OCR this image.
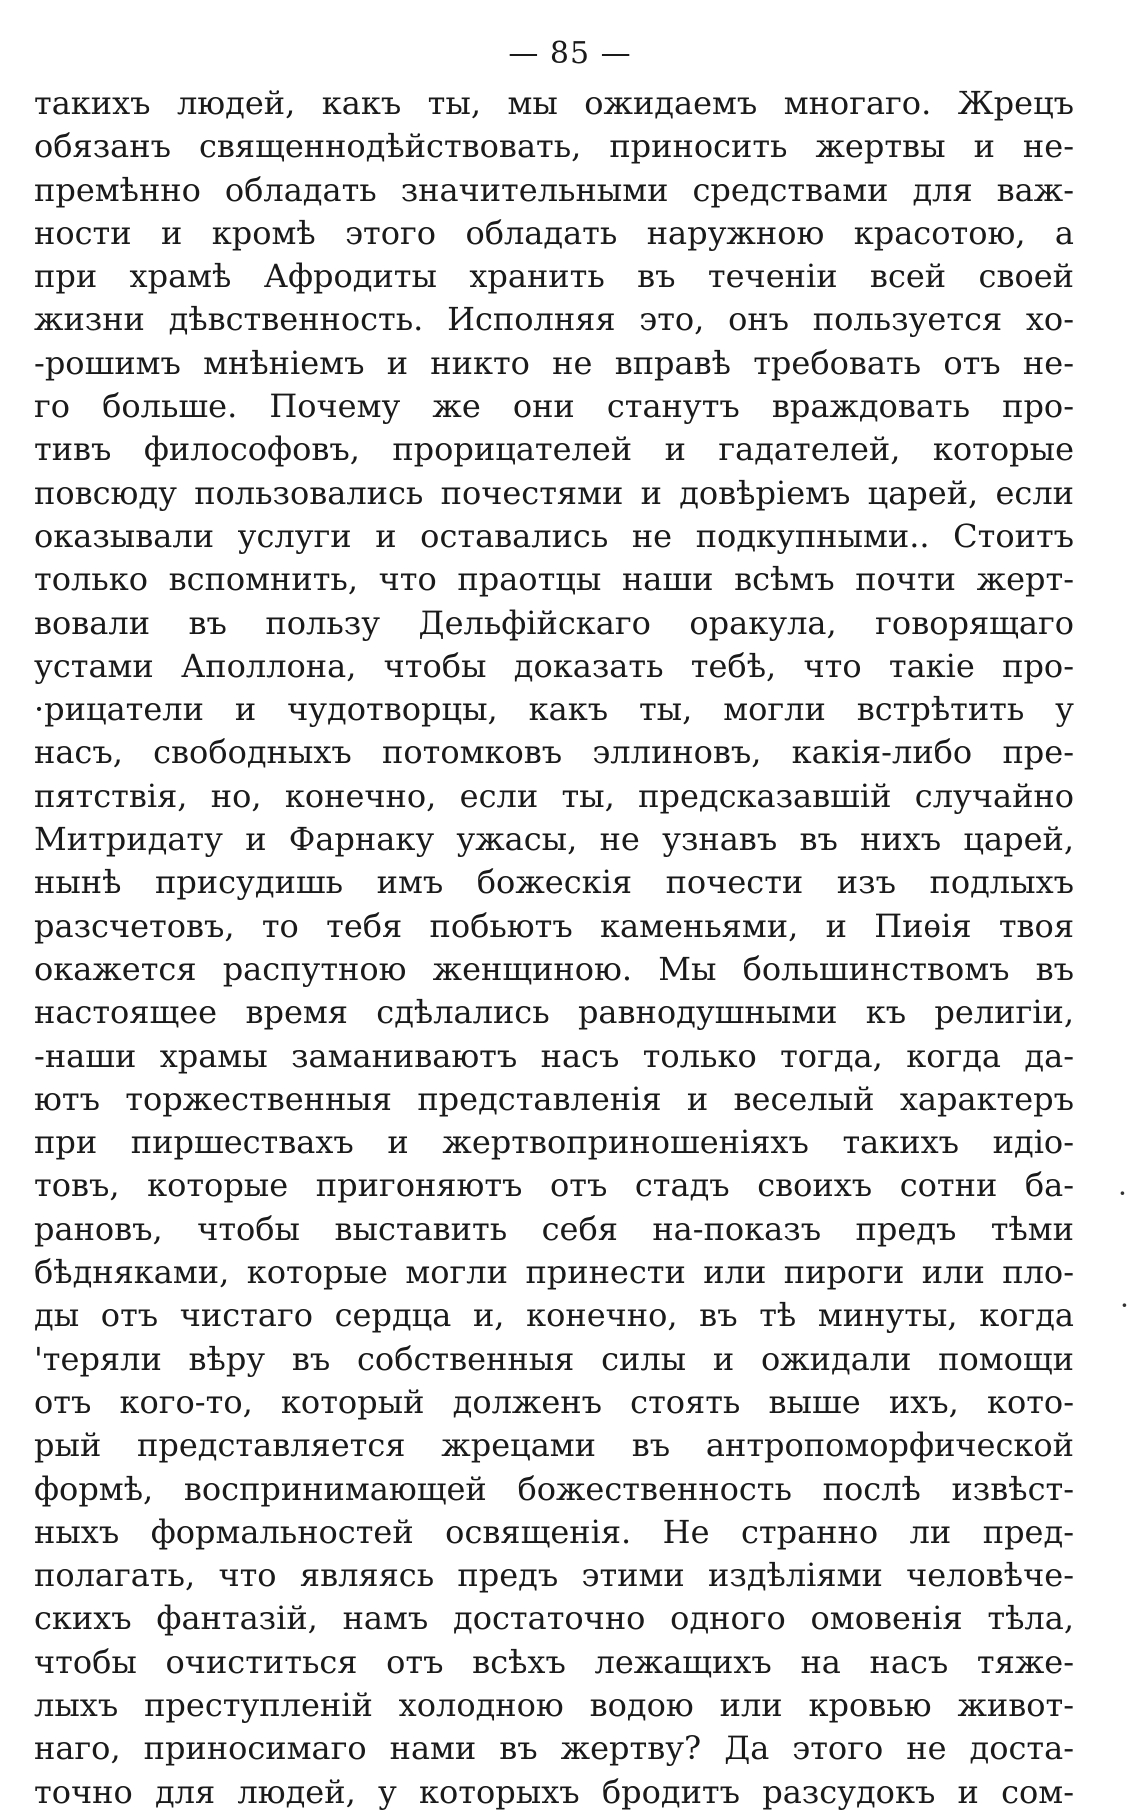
— 85 —
такихъ людей, какъ ты, мы ожидаемъ многаго. Жрецъ
обязанъ священнодѣйствовать, приносить жертвы и не-
премѣнно обладать значительными средствами для важ-
ности и кромѣ этого обладать наружною красотою, а
при храмѣ Афродиты хранить въ теченіи всей своей
жизни дѣвственность. Исполняя это, онъ пользуется хо-
-рошимъ мнѣніемъ и никто не вправѣ требовать отъ не-
го больше. Почему же они станутъ враждовать про-
тивъ философовъ, прорицателей и гадателей, которые
повсюду пользовались почестями и довѣріемъ царей, если
оказывали услуги и оставались не подкупными.. Стоитъ
только вспомнить, что праотцы наши всѣмъ почти жерт-
вовали въ пользу Дельфійскаго оракула, говорящаго
устами Аполлона, чтобы доказать тебѣ, что такіе про-
·рицатели и чудотворцы, какъ ты, могли встрѣтить у
насъ, свободныхъ потомковъ эллиновъ, какія-либо пре-
пятствія, но, конечно, если ты, предсказавшій случайно
Митридату и Фарнаку ужасы, не узнавъ въ нихъ царей,
нынѣ присудишь имъ божескія почести изъ подлыхъ
разсчетовъ, то тебя побьютъ каменьями, и Пиѳія твоя
окажется распутною женщиною. Мы большинствомъ въ
настоящее время сдѣлались равнодушными къ религіи,
-наши храмы заманиваютъ насъ только тогда, когда да-
ютъ торжественныя представленія и веселый характеръ
при пиршествахъ и жертвоприношеніяхъ такихъ идіо-
товъ, которые пригоняютъ отъ стадъ своихъ сотни ба-
рановъ, чтобы выставить себя на-показъ предъ тѣми
бѣдняками, которые могли принести или пироги или пло-
ды отъ чистаго сердца и, конечно, въ тѣ минуты, когда
'теряли вѣру въ собственныя силы и ожидали помощи
отъ кого-то, который долженъ стоять выше ихъ, кото-
рый представляется жрецами въ антропоморфической
формѣ, воспринимающей божественность послѣ извѣст-
ныхъ формальностей освященія. Не странно ли пред-
полагать, что являясь предъ этими издѣліями человѣче-
скихъ фантазій, намъ достаточно одного омовенія тѣла,
чтобы очиститься отъ всѣхъ лежащихъ на насъ тяже-
лыхъ преступленій холодною водою или кровью живот-
наго, приносимаго нами въ жертву? Да этого не доста-
точно для людей, у которыхъ бродитъ разсудокъ и сом-
·
·
